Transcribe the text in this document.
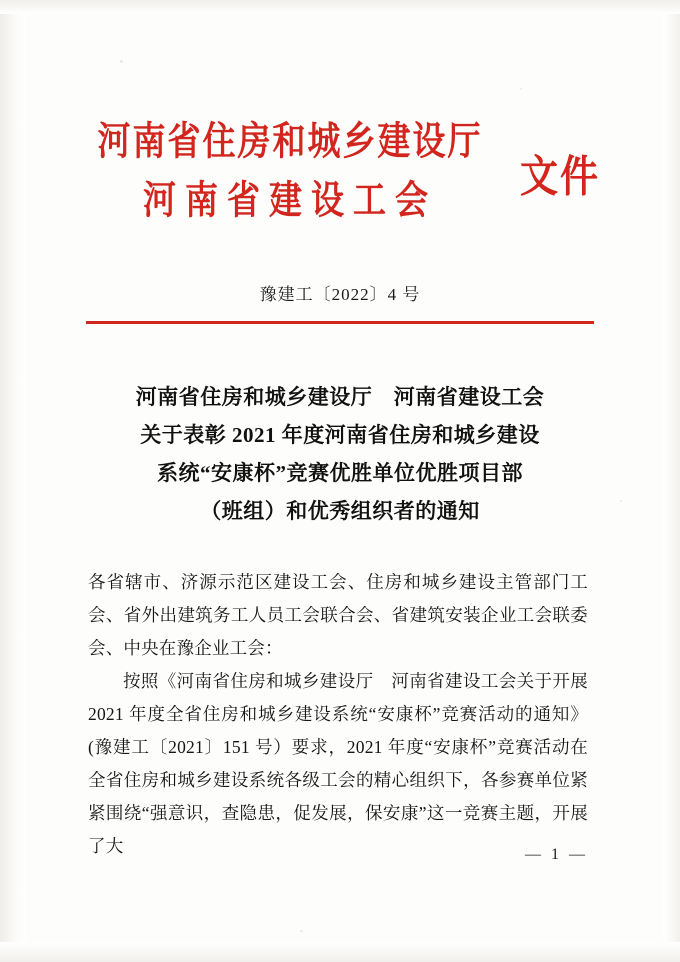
河南省住房和城乡建设厅
河南省建设工会	文件
豫建工〔2022〕4 号
河南省住房和城乡建设厅　河南省建设工会
关于表彰 2021 年度河南省住房和城乡建设
系统“安康杯”竞赛优胜单位优胜项目部
（班组）和优秀组织者的通知

各省辖市、济源示范区建设工会、住房和城乡建设主管部门工会、省外出建筑务工人员工会联合会、省建筑安装企业工会联委会、中央在豫企业工会：

按照《河南省住房和城乡建设厅　河南省建设工会关于开展 2021 年度全省住房和城乡建设系统“安康杯”竞赛活动的通知》(豫建工〔2021〕151 号）要求，2021 年度“安康杯”竞赛活动在全省住房和城乡建设系统各级工会的精心组织下，各参赛单位紧紧围绕“强意识，查隐患，促发展，保安康”这一竞赛主题，开展了大	— 1 —
